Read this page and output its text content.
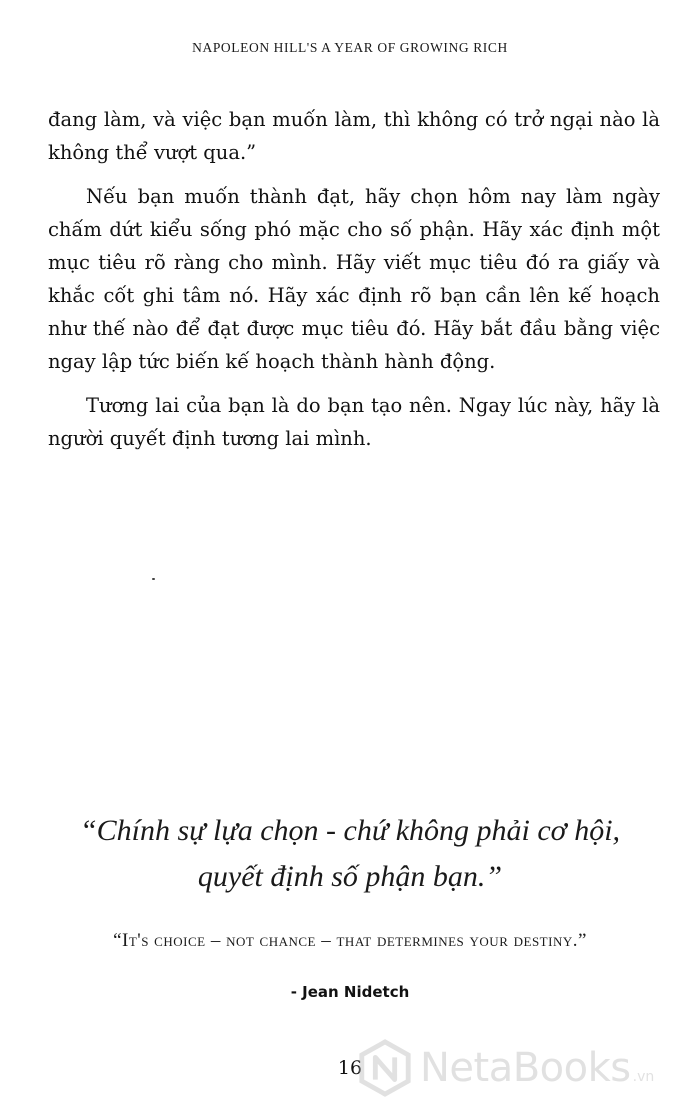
NAPOLEON HILL'S A YEAR OF GROWING RICH

đang làm, và việc bạn muốn làm, thì không có trở ngại nào là không thể vượt qua.”

Nếu bạn muốn thành đạt, hãy chọn hôm nay làm ngày chấm dứt kiểu sống phó mặc cho số phận. Hãy xác định một mục tiêu rõ ràng cho mình. Hãy viết mục tiêu đó ra giấy và khắc cốt ghi tâm nó. Hãy xác định rõ bạn cần lên kế hoạch như thế nào để đạt được mục tiêu đó. Hãy bắt đầu bằng việc ngay lập tức biến kế hoạch thành hành động.

Tương lai của bạn là do bạn tạo nên. Ngay lúc này, hãy là người quyết định tương lai mình.

“Chính sự lựa chọn - chứ không phải cơ hội,
quyết định số phận bạn.”
“It's choice – not chance – that determines your destiny.”
- Jean Nidetch
16	NetaBooks .vn
